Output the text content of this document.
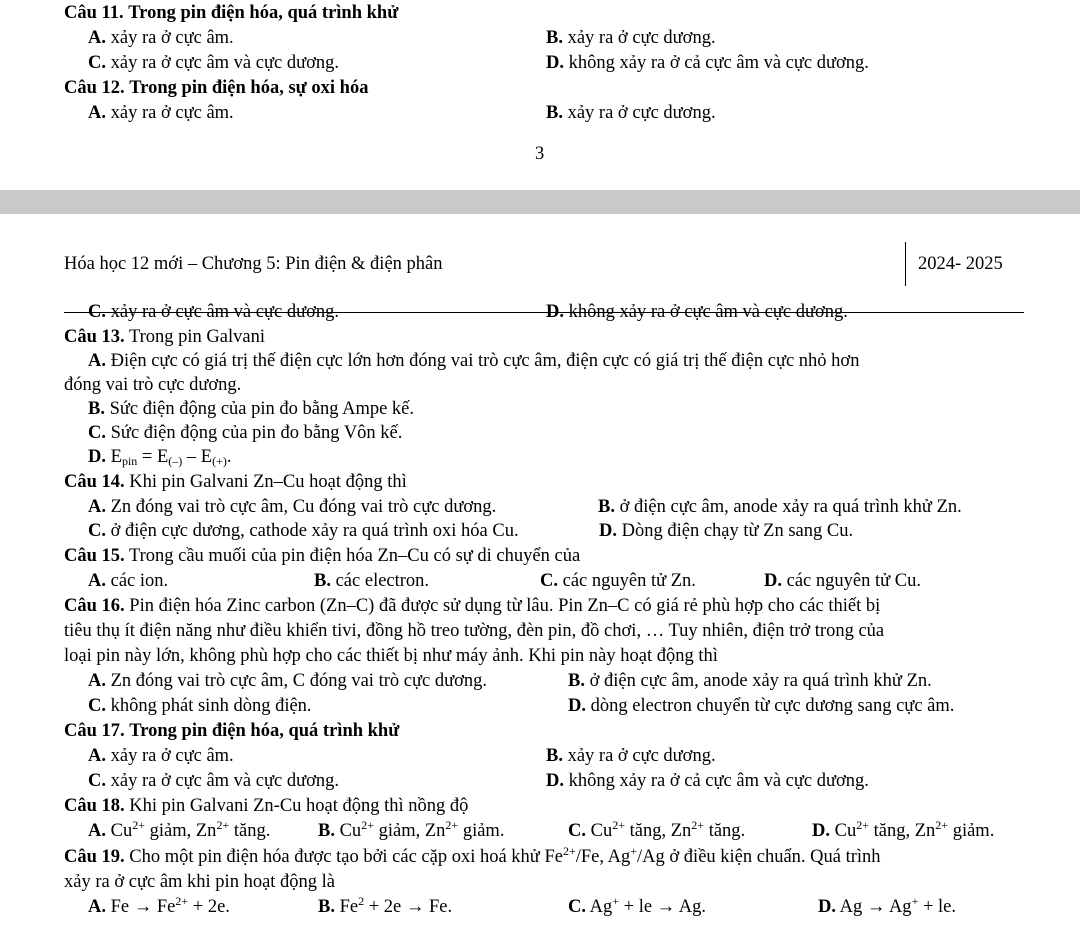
Câu 11. Trong pin điện hóa, quá trình khử
A. xảy ra ở cực âm.	B. xảy ra ở cực dương.
C. xảy ra ở cực âm và cực dương.	D. không xảy ra ở cả cực âm và cực dương.
Câu 12. Trong pin điện hóa, sự oxi hóa
A. xảy ra ở cực âm.	B. xảy ra ở cực dương.
3
Hóa học 12 mới – Chương 5: Pin điện & điện phân	2024- 2025
C. xảy ra ở cực âm và cực dương.	D. không xảy ra ở cực âm và cực dương.
Câu 13. Trong pin Galvani
A. Điện cực có giá trị thế điện cực lớn hơn đóng vai trò cực âm, điện cực có giá trị thế điện cực nhỏ hơn
đóng vai trò cực dương.
B. Sức điện động của pin đo bằng Ampe kế.
C. Sức điện động của pin đo bằng Vôn kế.
D. $E_{pin} = E_{(-)} - E_{(+)}$.
Câu 14. Khi pin Galvani Zn–Cu hoạt động thì
A. Zn đóng vai trò cực âm, Cu đóng vai trò cực dương.	B. ở điện cực âm, anode xảy ra quá trình khử Zn.
C. ở điện cực dương, cathode xảy ra quá trình oxi hóa Cu.	D. Dòng điện chạy từ Zn sang Cu.
Câu 15. Trong cầu muối của pin điện hóa Zn–Cu có sự di chuyển của
A. các ion.	B. các electron.	C. các nguyên tử Zn.	D. các nguyên tử Cu.
Câu 16. Pin điện hóa Zinc carbon (Zn–C) đã được sử dụng từ lâu. Pin Zn–C có giá rẻ phù hợp cho các thiết bị
tiêu thụ ít điện năng như điều khiển tivi, đồng hồ treo tường, đèn pin, đồ chơi, … Tuy nhiên, điện trở trong của
loại pin này lớn, không phù hợp cho các thiết bị như máy ảnh. Khi pin này hoạt động thì
A. Zn đóng vai trò cực âm, C đóng vai trò cực dương.	B. ở điện cực âm, anode xảy ra quá trình khử Zn.
C. không phát sinh dòng điện.	D. dòng electron chuyển từ cực dương sang cực âm.
Câu 17. Trong pin điện hóa, quá trình khử
A. xảy ra ở cực âm.	B. xảy ra ở cực dương.
C. xảy ra ở cực âm và cực dương.	D. không xảy ra ở cả cực âm và cực dương.
Câu 18. Khi pin Galvani Zn-Cu hoạt động thì nồng độ
A. $Cu^{2+}$ giảm, $Zn^{2+}$ tăng.	B. $Cu^{2+}$ giảm, $Zn^{2+}$ giảm.	C. $Cu^{2+}$ tăng, $Zn^{2+}$ tăng.	D. $Cu^{2+}$ tăng, $Zn^{2+}$ giảm.
Câu 19. Cho một pin điện hóa được tạo bởi các cặp oxi hoá khử $Fe^{2+}/Fe$, Ag+/Ag ở điều kiện chuẩn. Quá trình
xảy ra ở cực âm khi pin hoạt động là
A. $Fe \to Fe^{2+} + 2e$.	B. $Fe^2 + 2e \to Fe$.	C. Ag+ + le → Ag.	D. Ag → Ag+ + le.
